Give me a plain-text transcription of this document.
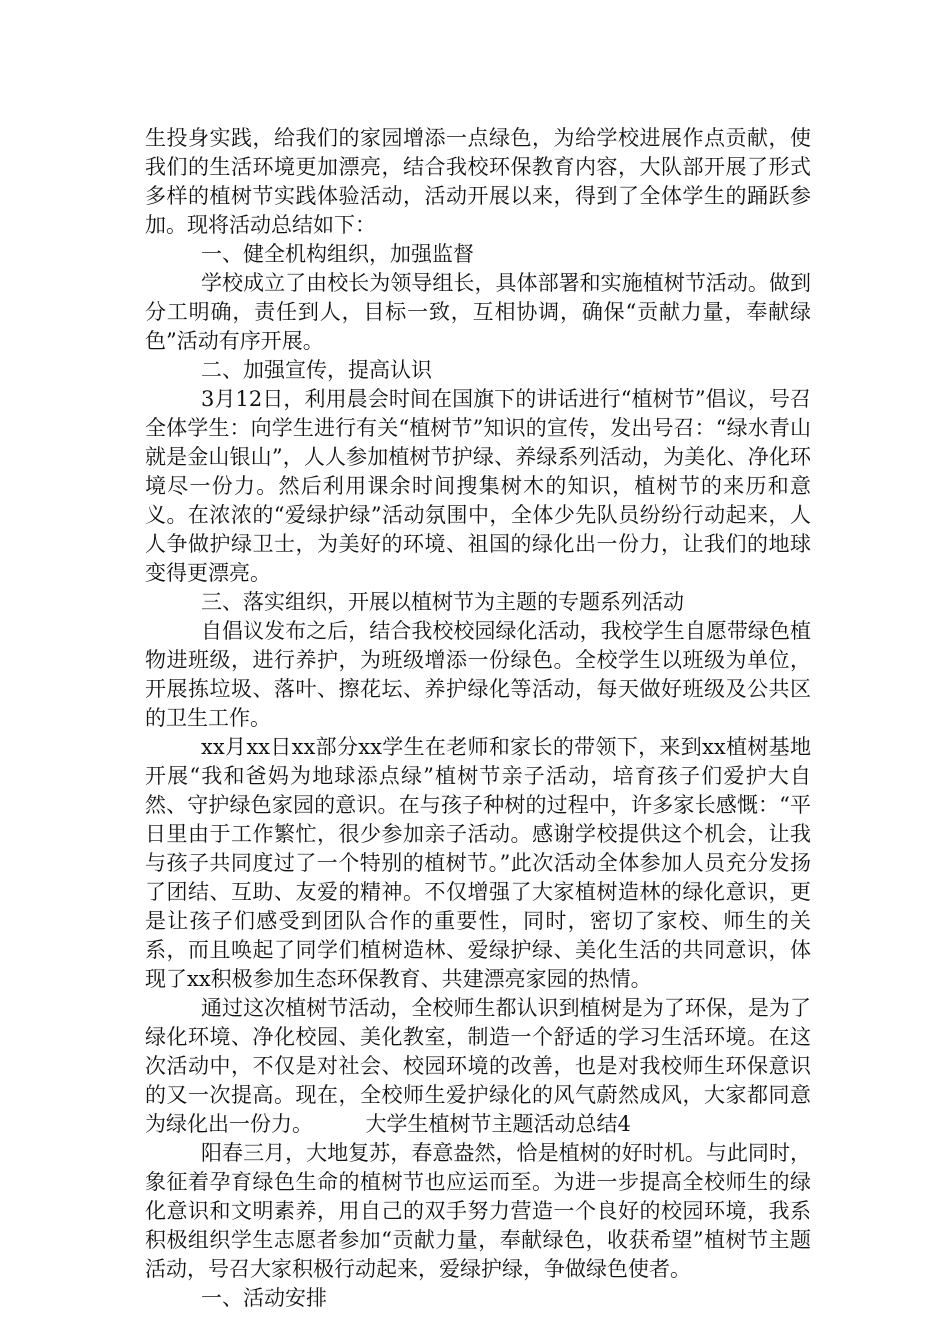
生投身实践，给我们的家园增添一点绿色，为给学校进展作点贡献，使我们的生活环境更加漂亮，结合我校环保教育内容，大队部开展了形式多样的植树节实践体验活动，活动开展以来，得到了全体学生的踊跃参加。现将活动总结如下：

一、健全机构组织，加强监督

学校成立了由校长为领导组长，具体部署和实施植树节活动。做到分工明确，责任到人，目标一致，互相协调，确保“贡献力量，奉献绿色”活动有序开展。

二、加强宣传，提高认识

3月12日，利用晨会时间在国旗下的讲话进行“植树节”倡议，号召全体学生：向学生进行有关“植树节”知识的宣传，发出号召：“绿水青山就是金山银山”，人人参加植树节护绿、养绿系列活动，为美化、净化环境尽一份力。然后利用课余时间搜集树木的知识，植树节的来历和意义。在浓浓的“爱绿护绿”活动氛围中，全体少先队员纷纷行动起来，人人争做护绿卫士，为美好的环境、祖国的绿化出一份力，让我们的地球变得更漂亮。

三、落实组织，开展以植树节为主题的专题系列活动

自倡议发布之后，结合我校校园绿化活动，我校学生自愿带绿色植物进班级，进行养护，为班级增添一份绿色。全校学生以班级为单位，开展拣垃圾、落叶、擦花坛、养护绿化等活动，每天做好班级及公共区的卫生工作。

xx月xx日xx部分xx学生在老师和家长的带领下，来到xx植树基地开展“我和爸妈为地球添点绿”植树节亲子活动，培育孩子们爱护大自然、守护绿色家园的意识。在与孩子种树的过程中，许多家长感慨：“平日里由于工作繁忙，很少参加亲子活动。感谢学校提供这个机会，让我与孩子共同度过了一个特别的植树节。”此次活动全体参加人员充分发扬了团结、互助、友爱的精神。不仅增强了大家植树造林的绿化意识，更是让孩子们感受到团队合作的重要性，同时，密切了家校、师生的关系，而且唤起了同学们植树造林、爱绿护绿、美化生活的共同意识，体现了xx积极参加生态环保教育、共建漂亮家园的热情。

通过这次植树节活动，全校师生都认识到植树是为了环保，是为了绿化环境、净化校园、美化教室，制造一个舒适的学习生活环境。在这次活动中，不仅是对社会、校园环境的改善，也是对我校师生环保意识的又一次提高。现在，全校师生爱护绿化的风气蔚然成风，大家都同意为绿化出一份力。　　　大学生植树节主题活动总结4

阳春三月，大地复苏，春意盎然，恰是植树的好时机。与此同时，象征着孕育绿色生命的植树节也应运而至。为进一步提高全校师生的绿化意识和文明素养，用自己的双手努力营造一个良好的校园环境，我系积极组织学生志愿者参加“贡献力量，奉献绿色，收获希望”植树节主题活动，号召大家积极行动起来，爱绿护绿，争做绿色使者。

一、活动安排
